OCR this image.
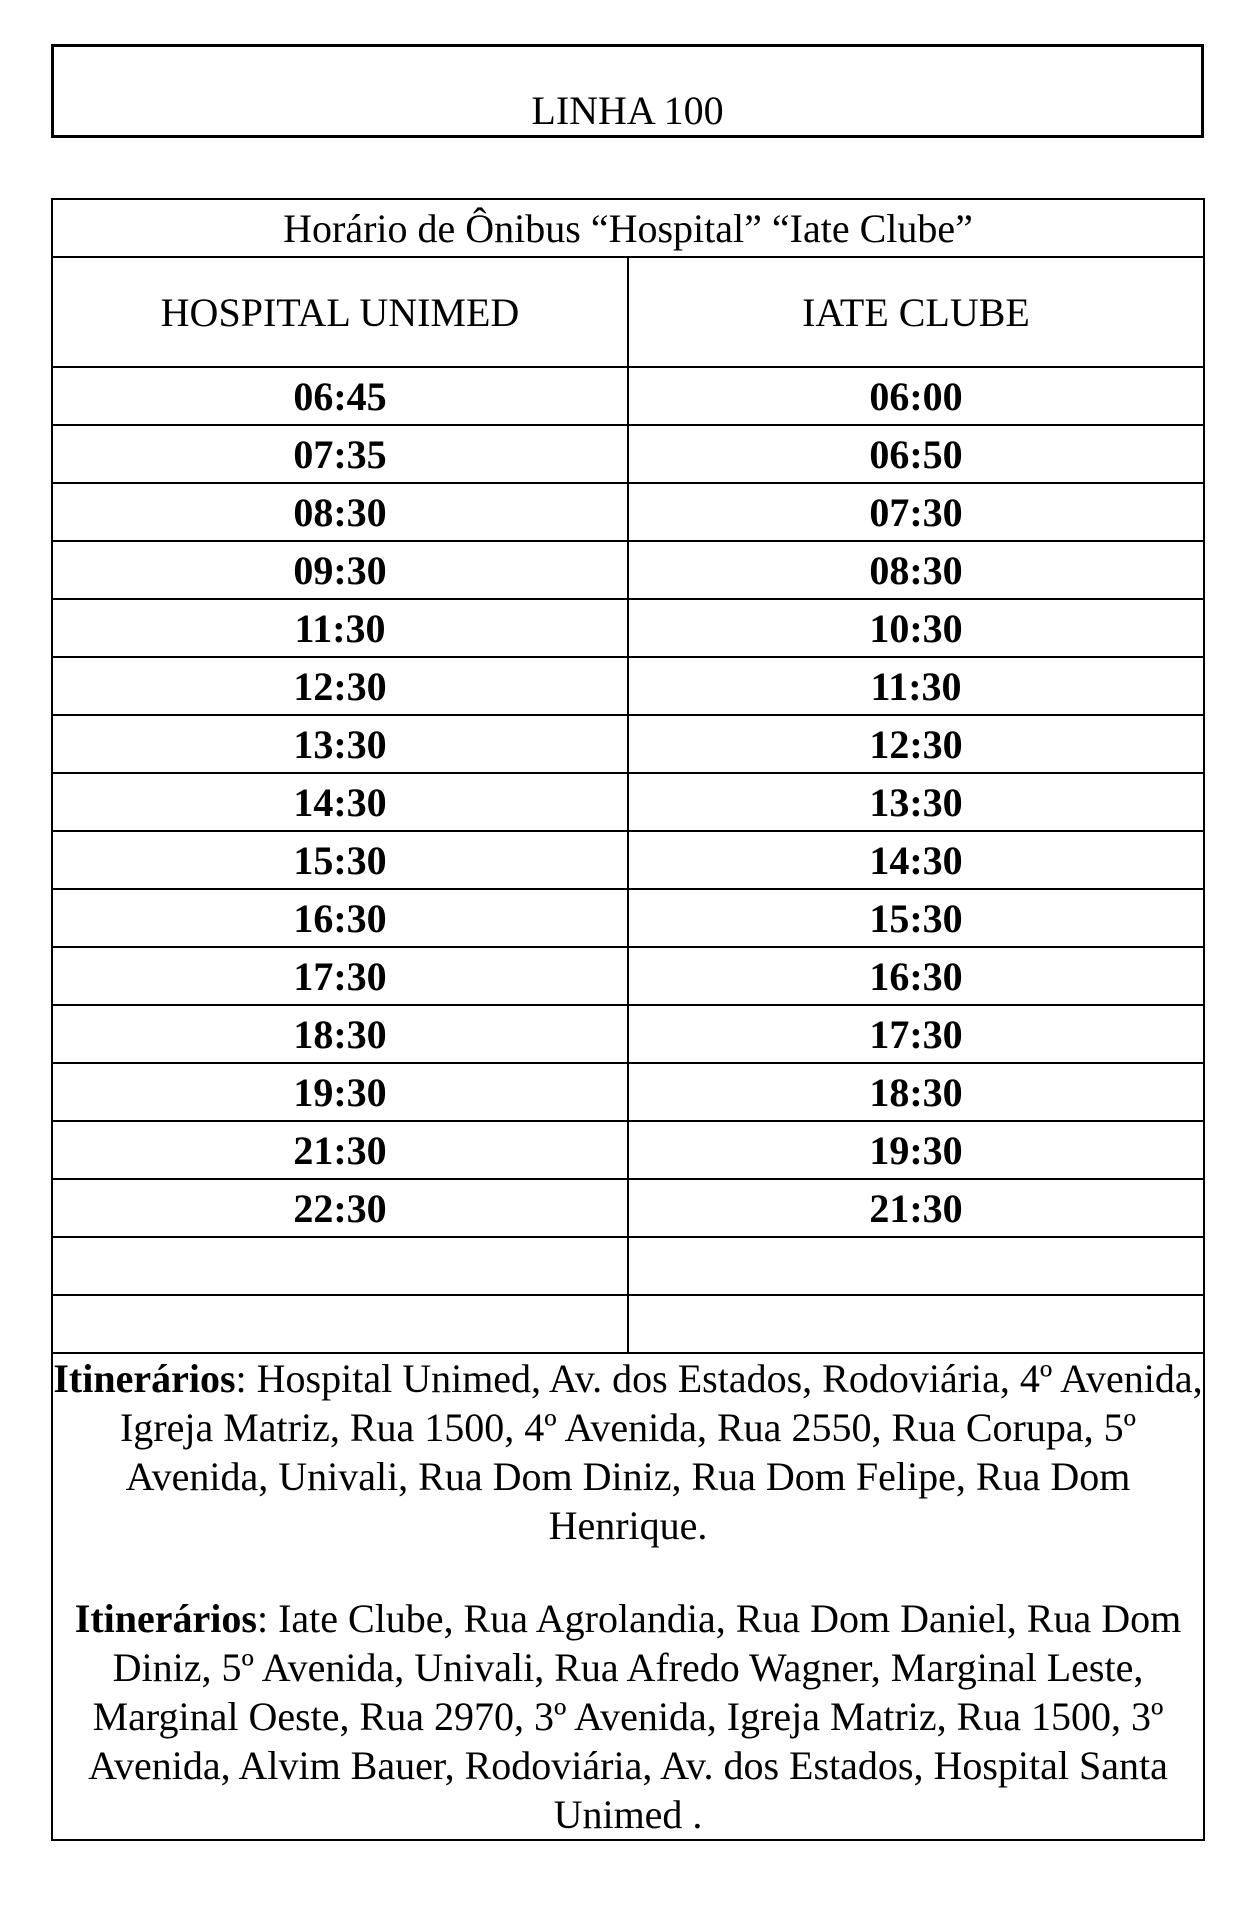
LINHA 100
Horário de Ônibus “Hospital” “Iate Clube”	
HOSPITAL UNIMED	IATE CLUBE
06:45	06:00
07:35	06:50
08:30	07:30
09:30	08:30
11:30	10:30
12:30	11:30
13:30	12:30
14:30	13:30
15:30	14:30
16:30	15:30
17:30	16:30
18:30	17:30
19:30	18:30
21:30	19:30
22:30	21:30

Itinerários: Hospital Unimed, Av. dos Estados, Rodoviária, 4º Avenida, Igreja Matriz, Rua 1500, 4º Avenida, Rua 2550, Rua Corupa, 5º Avenida, Univali, Rua Dom Diniz, Rua Dom Felipe, Rua Dom Henrique.

Itinerários: Iate Clube, Rua Agrolandia, Rua Dom Daniel, Rua Dom Diniz, 5º Avenida, Univali, Rua Afredo Wagner, Marginal Leste, Marginal Oeste, Rua 2970, 3º Avenida, Igreja Matriz, Rua 1500, 3º Avenida, Alvim Bauer, Rodoviária, Av. dos Estados, Hospital Santa Unimed .	
